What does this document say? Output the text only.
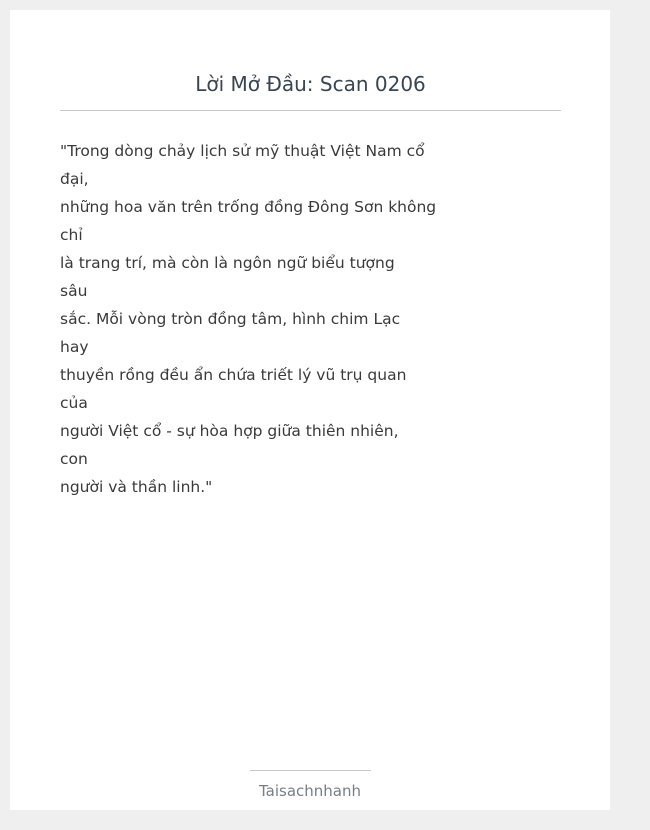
Lời Mở Đầu: Scan 0206
"Trong dòng chảy lịch sử mỹ thuật Việt Nam cổ
đại,
những hoa văn trên trống đồng Đông Sơn không
chỉ
là trang trí, mà còn là ngôn ngữ biểu tượng
sâu
sắc. Mỗi vòng tròn đồng tâm, hình chim Lạc
hay
thuyền rồng đều ẩn chứa triết lý vũ trụ quan
của
người Việt cổ - sự hòa hợp giữa thiên nhiên,
con
người và thần linh."
Taisachnhanh
